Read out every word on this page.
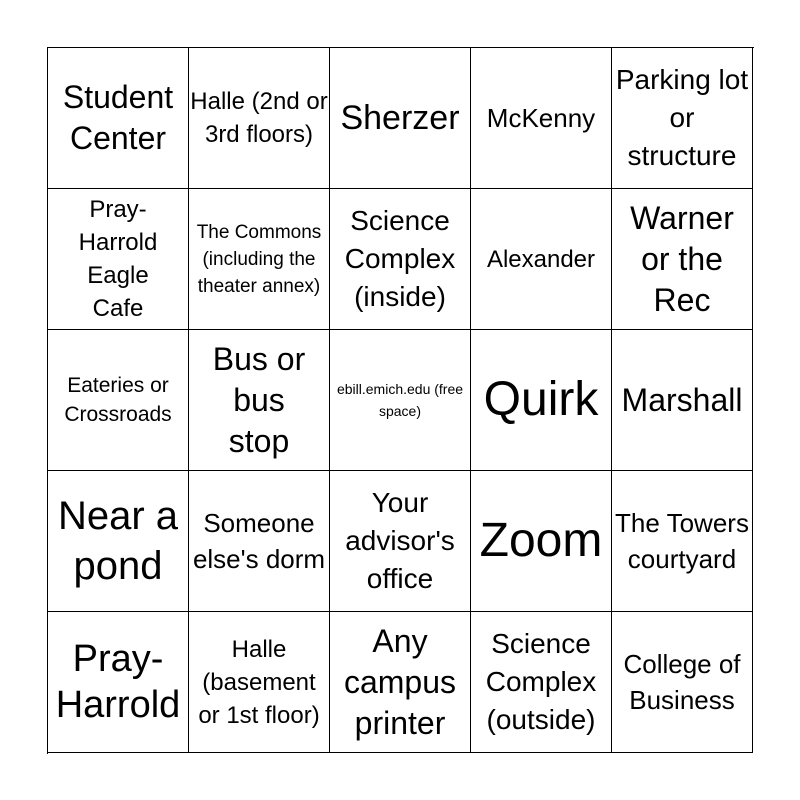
Student Center
Halle (2nd or 3rd floors) Sherzer McKenny
Parking lot or structure
Pray-Harrold Eagle Cafe
The Commons (including the theater annex)
Science Complex (inside)
Alexander
Warner or the Rec
Eateries or Crossroads
Bus or bus stop
ebill.emich.edu (free space)	Quirk Marshall
Near a pond
Someone else's dorm
Your advisor's office
Zoom The Towers courtyard
Pray-Harrold
Halle (basement or 1st floor)
Any campus printer
Science Complex (outside)
College of Business
